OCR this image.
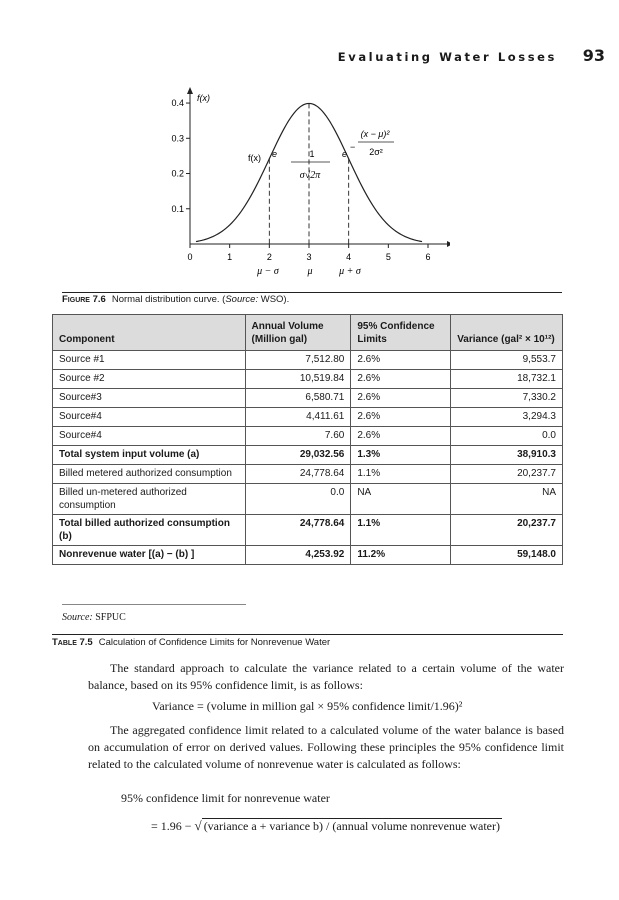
Evaluating Water Losses 93
0	1	2	3	4	5	6
0.1
0.2
0.3
0.4
f(x)
μ − σ	μ	μ + σ
f(x) e	1
σ√2π
e
−
(x − μ)²
2σ²
Figure 7.6 Normal distribution curve. (Source: WSO).
Component	Annual Volume (Million gal)	95% Confidence Limits	Variance (gal² × 10¹²)
Source #1	7,512.80	2.6%	9,553.7
Source #2	10,519.84	2.6%	18,732.1
Source#3	6,580.71	2.6%	7,330.2
Source#4	4,411.61	2.6%	3,294.3
Source#4	7.60	2.6%	0.0
Total system input volume (a)	29,032.56	1.3%	38,910.3
Billed metered authorized consumption	24,778.64	1.1%	20,237.7
Billed un-metered authorized consumption	0.0	NA	NA
Total billed authorized consumption (b)	24,778.64	1.1%	20,237.7
Nonrevenue water [(a) − (b) ]	4,253.92	11.2%	59,148.0
Source: SFPUC
Table 7.5 Calculation of Confidence Limits for Nonrevenue Water
The standard approach to calculate the variance related to a certain volume of the water balance, based on its 95% confidence limit, is as follows:
Variance = (volume in million gal × 95% confidence limit/1.96)²
The aggregated confidence limit related to a calculated volume of the water balance is based on accumulation of error on derived values. Following these principles the 95% confidence limit related to the calculated volume of nonrevenue water is calculated as follows:
95% confidence limit for nonrevenue water
= 1.96 − √ (variance a + variance b) / (annual volume nonrevenue water)
